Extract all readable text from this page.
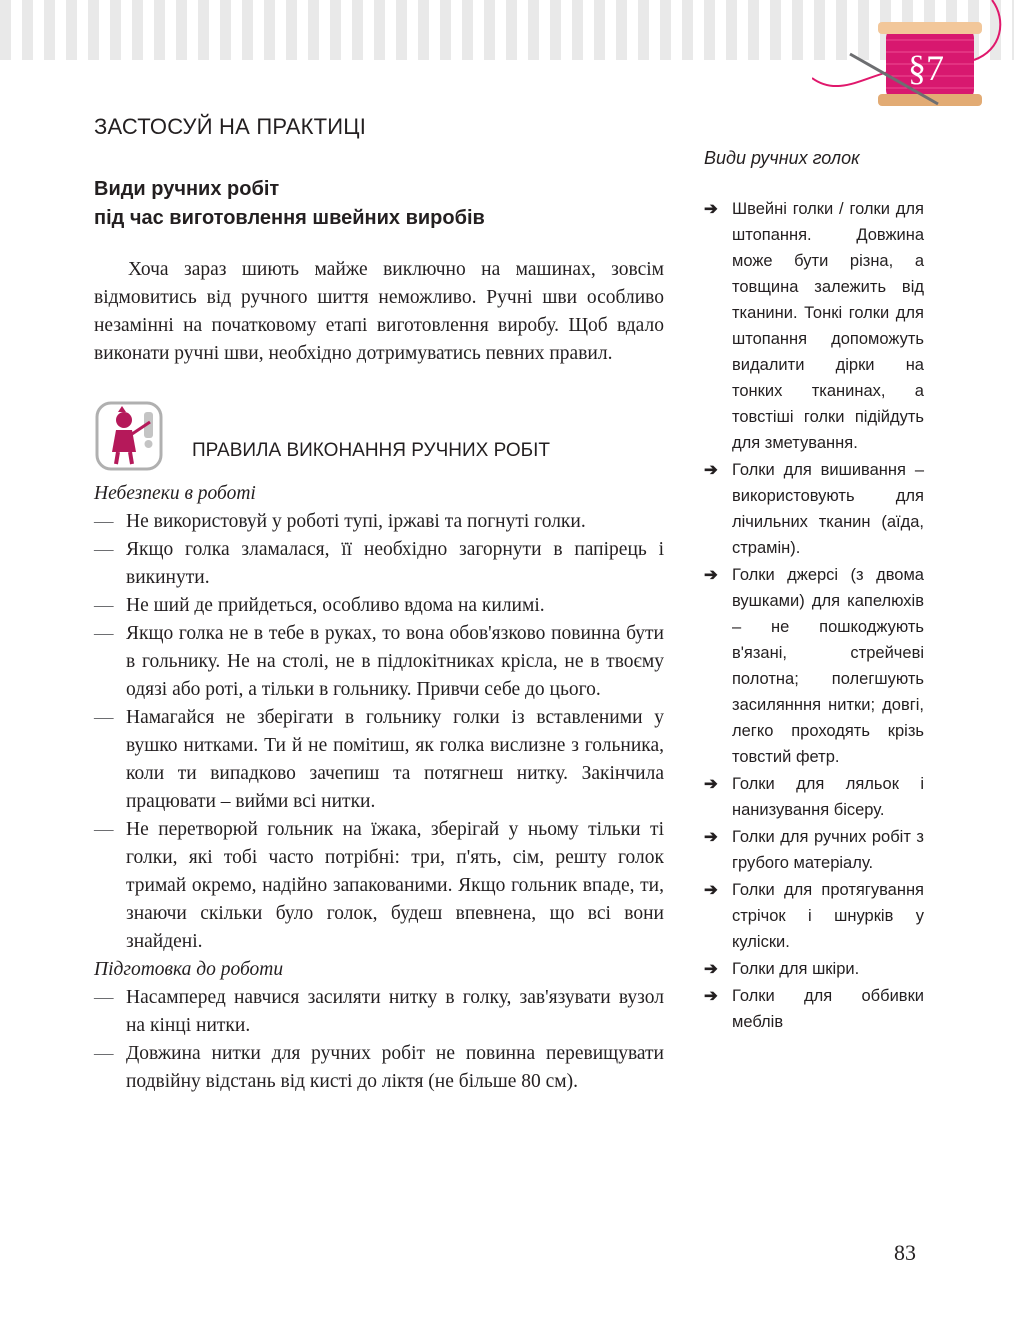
§7
ЗАСТОСУЙ НА ПРАКТИЦІ
Види ручних робіт
під час виготовлення швейних виробів

Хоча зараз шиють майже виключно на машинах, зовсім відмовитись від ручного шиття неможливо. Ручні шви особливо незамінні на початковому етапі виготовлення виробу. Щоб вдало виконати ручні шви, необхідно дотримуватись певних правил.

ПРАВИЛА ВИКОНАННЯ РУЧНИХ РОБІТ
Небезпеки в роботі
— Не використовуй у роботі тупі, іржаві та погнуті голки.
— Якщо голка зламалася, її необхідно загорнути в папірець і викинути.
— Не ший де прийдеться, особливо вдома на килимі.
— Якщо голка не в тебе в руках, то вона обов'язково повинна бути в гольнику. Не на столі, не в підлокітниках крісла, не в твоєму одязі або роті, а тільки в гольнику. Привчи себе до цього.
— Намагайся не зберігати в гольнику голки із вставленими у вушко нитками. Ти й не помітиш, як голка вислизне з гольника, коли ти випадково зачепиш та потягнеш нитку. Закінчила працювати – вийми всі нитки.
— Не перетворюй гольник на їжака, зберігай у ньому тільки ті голки, які тобі часто потрібні: три, п'ять, сім, решту голок тримай окремо, надійно запакованими. Якщо гольник впаде, ти, знаючи скільки було голок, будеш впевнена, що всі вони знайдені.
Підготовка до роботи
— Насамперед навчися засиляти нитку в голку, зав'язувати вузол на кінці нитки.
— Довжина нитки для ручних робіт не повинна перевищувати подвійну відстань від кисті до ліктя (не більше 80 см).
Види ручних голок
➔ Швейні голки / голки для штопання. Довжина може бути різна, а товщина залежить від тканини. Тонкі голки для штопання допоможуть видалити дірки на тонких тканинах, а товстіші голки підійдуть для зметування.
➔ Голки для вишивання – використовують для лічильних тканин (аїда, страмін).
➔ Голки джерсі (з двома вушками) для капелюхів – не пошкоджують в'язані, стрейчеві полотна; полегшують засилянння нитки; довгі, легко проходять крізь товстий фетр.
➔ Голки для ляльок і нанизування бісеру.
➔ Голки для ручних робіт з грубого матеріалу.
➔ Голки для протягування стрічок і шнурків у куліски.
➔ Голки для шкіри.
➔ Голки для оббивки меблів
83
